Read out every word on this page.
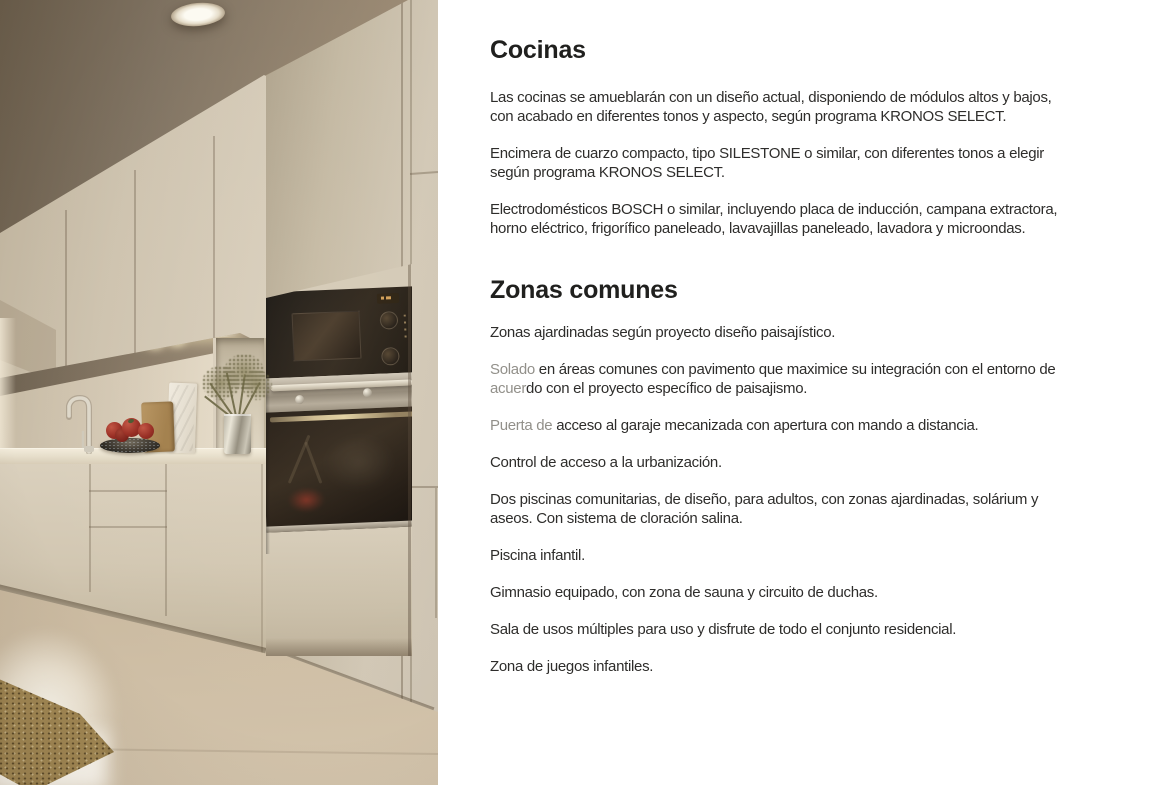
Cocinas

Las cocinas se amueblarán con un diseño actual, disponiendo de módulos altos y bajos,
con acabado en diferentes tonos y aspecto, según programa KRONOS SELECT.

Encimera de cuarzo compacto, tipo SILESTONE o similar, con diferentes tonos a elegir
según programa KRONOS SELECT.

Electrodomésticos BOSCH o similar, incluyendo placa de inducción, campana extractora,
horno eléctrico, frigorífico paneleado, lavavajillas paneleado, lavadora y microondas.

Zonas comunes

Zonas ajardinadas según proyecto diseño paisajístico.

Solado en áreas comunes con pavimento que maximice su integración con el entorno de
acuerdo con el proyecto específico de paisajismo.

Puerta de acceso al garaje mecanizada con apertura con mando a distancia.

Control de acceso a la urbanización.

Dos piscinas comunitarias, de diseño, para adultos, con zonas ajardinadas, solárium y
aseos. Con sistema de cloración salina.

Piscina infantil.

Gimnasio equipado, con zona de sauna y circuito de duchas.

Sala de usos múltiples para uso y disfrute de todo el conjunto residencial.

Zona de juegos infantiles.
